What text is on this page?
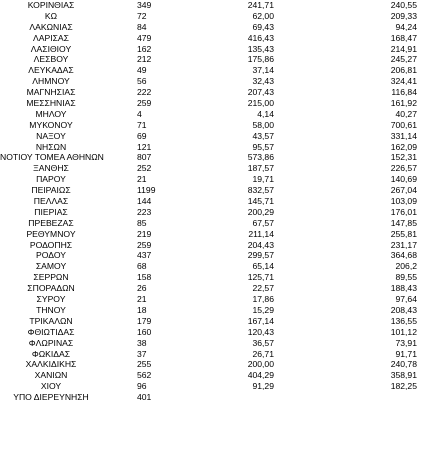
ΚΟΡΙΝΘΙΑΣ	349	241,71	240,55
ΚΩ	72	62,00	209,33
ΛΑΚΩΝΙΑΣ	84	69,43	94,24
ΛΑΡΙΣΑΣ	479	416,43	168,47
ΛΑΣΙΘΙΟΥ	162	135,43	214,91
ΛΕΣΒΟΥ	212	175,86	245,27
ΛΕΥΚΑΔΑΣ	49	37,14	206,81
ΛΗΜΝΟΥ	56	32,43	324,41
ΜΑΓΝΗΣΙΑΣ	222	207,43	116,84
ΜΕΣΣΗΝΙΑΣ	259	215,00	161,92
ΜΗΛΟΥ	4	4,14	40,27
ΜΥΚΟΝΟΥ	71	58,00	700,61
ΝΑΞΟΥ	69	43,57	331,14
ΝΗΣΩΝ	121	95,57	162,09
ΝΟΤΙΟΥ ΤΟΜΕΑ ΑΘΗΝΩΝ	807	573,86	152,31
ΞΑΝΘΗΣ	252	187,57	226,57
ΠΑΡΟΥ	21	19,71	140,69
ΠΕΙΡΑΙΩΣ	1199	832,57	267,04
ΠΕΛΛΑΣ	144	145,71	103,09
ΠΙΕΡΙΑΣ	223	200,29	176,01
ΠΡΕΒΕΖΑΣ	85	67,57	147,85
ΡΕΘΥΜΝΟΥ	219	211,14	255,81
ΡΟΔΟΠΗΣ	259	204,43	231,17
ΡΟΔΟΥ	437	299,57	364,68
ΣΑΜΟΥ	68	65,14	206,2
ΣΕΡΡΩΝ	158	125,71	89,55
ΣΠΟΡΑΔΩΝ	26	22,57	188,43
ΣΥΡΟΥ	21	17,86	97,64
ΤΗΝΟΥ	18	15,29	208,43
ΤΡΙΚΑΛΩΝ	179	167,14	136,55
ΦΘΙΩΤΙΔΑΣ	160	120,43	101,12
ΦΛΩΡΙΝΑΣ	38	36,57	73,91
ΦΩΚΙΔΑΣ	37	26,71	91,71
ΧΑΛΚΙΔΙΚΗΣ	255	200,00	240,78
ΧΑΝΙΩΝ	562	404,29	358,91
ΧΙΟΥ	96	91,29	182,25
ΥΠΟ ΔΙΕΡΕΥΝΗΣΗ	401
